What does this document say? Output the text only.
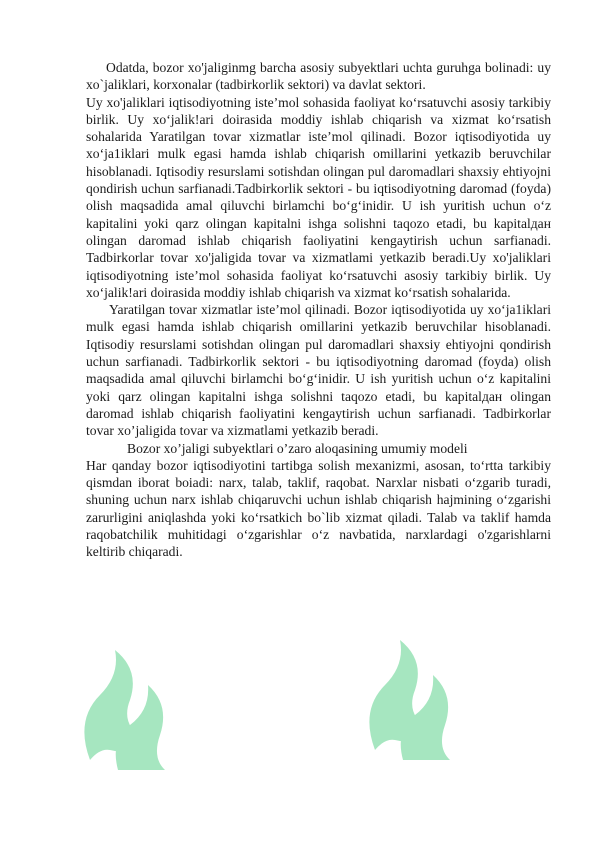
Odatda, bozor xo'jaliginmg barcha asosiy subyektlari uchta guruhga bolinadi: uy xo`jaliklari, korxonalar (tadbirkorlik sektori) va davlat sektori.

Uy xo'jaliklari iqtisodiyotning iste’mol sohasida faoliyat ko‘rsatuvchi asosiy tarkibiy birlik. Uy xo‘jalik!ari doirasida moddiy ishlab chiqarish va xizmat ko‘rsatish sohalarida Yaratilgan tovar xizmatlar iste’mol qilinadi. Bozor iqtisodiyotida uy xo‘ja1iklari mulk egasi hamda ishlab chiqarish omillarini yetkazib beruvchilar hisoblanadi. Iqtisodiy resurslami sotishdan olingan pul daromadlari shaxsiy ehtiyojni qondirish uchun sarfianadi.Tadbirkorlik sektori - bu iqtisodiyotning daromad (foyda) olish maqsadida amal qiluvchi birlamchi bo‘g‘inidir. U ish yuritish uchun o‘z kapitalini yoki qarz olingan kapitalni ishga solishni taqozo etadi, bu kapitalдан olingan daromad ishlab chiqarish faoliyatini kengaytirish uchun sarfianadi. Tadbirkorlar tovar xo'jaligida tovar va xizmatlami yetkazib beradi.Uy xo'jaliklari iqtisodiyotning iste’mol sohasida faoliyat ko‘rsatuvchi asosiy tarkibiy birlik. Uy xo‘jalik!ari doirasida moddiy ishlab chiqarish va xizmat ko‘rsatish sohalarida.

Yaratilgan tovar xizmatlar iste’mol qilinadi. Bozor iqtisodiyotida uy xo‘ja1iklari mulk egasi hamda ishlab chiqarish omillarini yetkazib beruvchilar hisoblanadi. Iqtisodiy resurslami sotishdan olingan pul daromadlari shaxsiy ehtiyojni qondirish uchun sarfianadi. Tadbirkorlik sektori - bu iqtisodiyotning daromad (foyda) olish maqsadida amal qiluvchi birlamchi bo‘g‘inidir. U ish yuritish uchun o‘z kapitalini yoki qarz olingan kapitalni ishga solishni taqozo etadi, bu kapitalдан olingan daromad ishlab chiqarish faoliyatini kengaytirish uchun sarfianadi. Tadbirkorlar tovar xo’jaligida tovar va xizmatlami yetkazib beradi.

Bozor xo’jaligi subyektlari o’zaro aloqasining umumiy modeli

Har qanday bozor iqtisodiyotini tartibga solish mexanizmi, asosan, to‘rtta tarkibiy qismdan iborat boiadi: narx, talab, taklif, raqobat. Narxlar nisbati o‘zgarib turadi, shuning uchun narx ishlab chiqaruvchi uchun ishlab chiqarish hajmining o‘zgarishi zarurligini aniqlashda yoki ko‘rsatkich bo`lib xizmat qiladi. Talab va taklif hamda raqobatchilik muhitidagi o‘zgarishlar o‘z navbatida, narxlardagi o'zgarishlarni keltirib chiqaradi.
